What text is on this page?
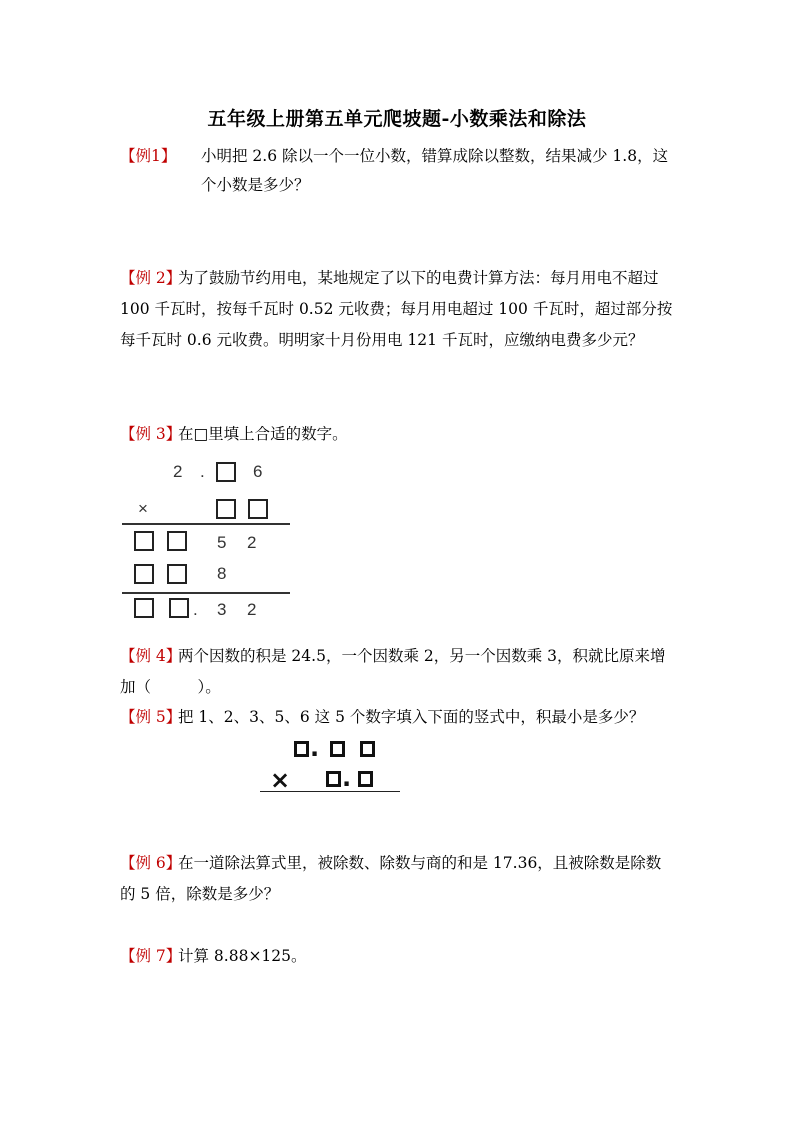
五年级上册第五单元爬坡题-小数乘法和除法
【例1】 小明把 2.6 除以一个一位小数，错算成除以整数，结果减少 1.8，这
个小数是多少？
【例 2】
为了鼓励节约用电，某地规定了以下的电费计算方法：每月用电不超过
100 千瓦时，按每千瓦时 0.52 元收费；每月用电超过 100 千瓦时，超过部分按
每千瓦时 0.6 元收费。明明家十月份用电 121 千瓦时，应缴纳电费多少元？
【例 3】
在□里填上合适的数字。
2 .	6
×
5 2
8
. 3 2
【例 4】
两个因数的积是 24.5，一个因数乘 2，另一个因数乘 3，积就比原来增
加（　　　）。
【例 5】
把 1、2、3、5、6 这 5 个数字填入下面的竖式中，积最小是多少？
.
× .
【例 6】
在一道除法算式里，被除数、除数与商的和是 17.36，且被除数是除数
的 5 倍，除数是多少？
【例 7】
计算 8.88×125。
